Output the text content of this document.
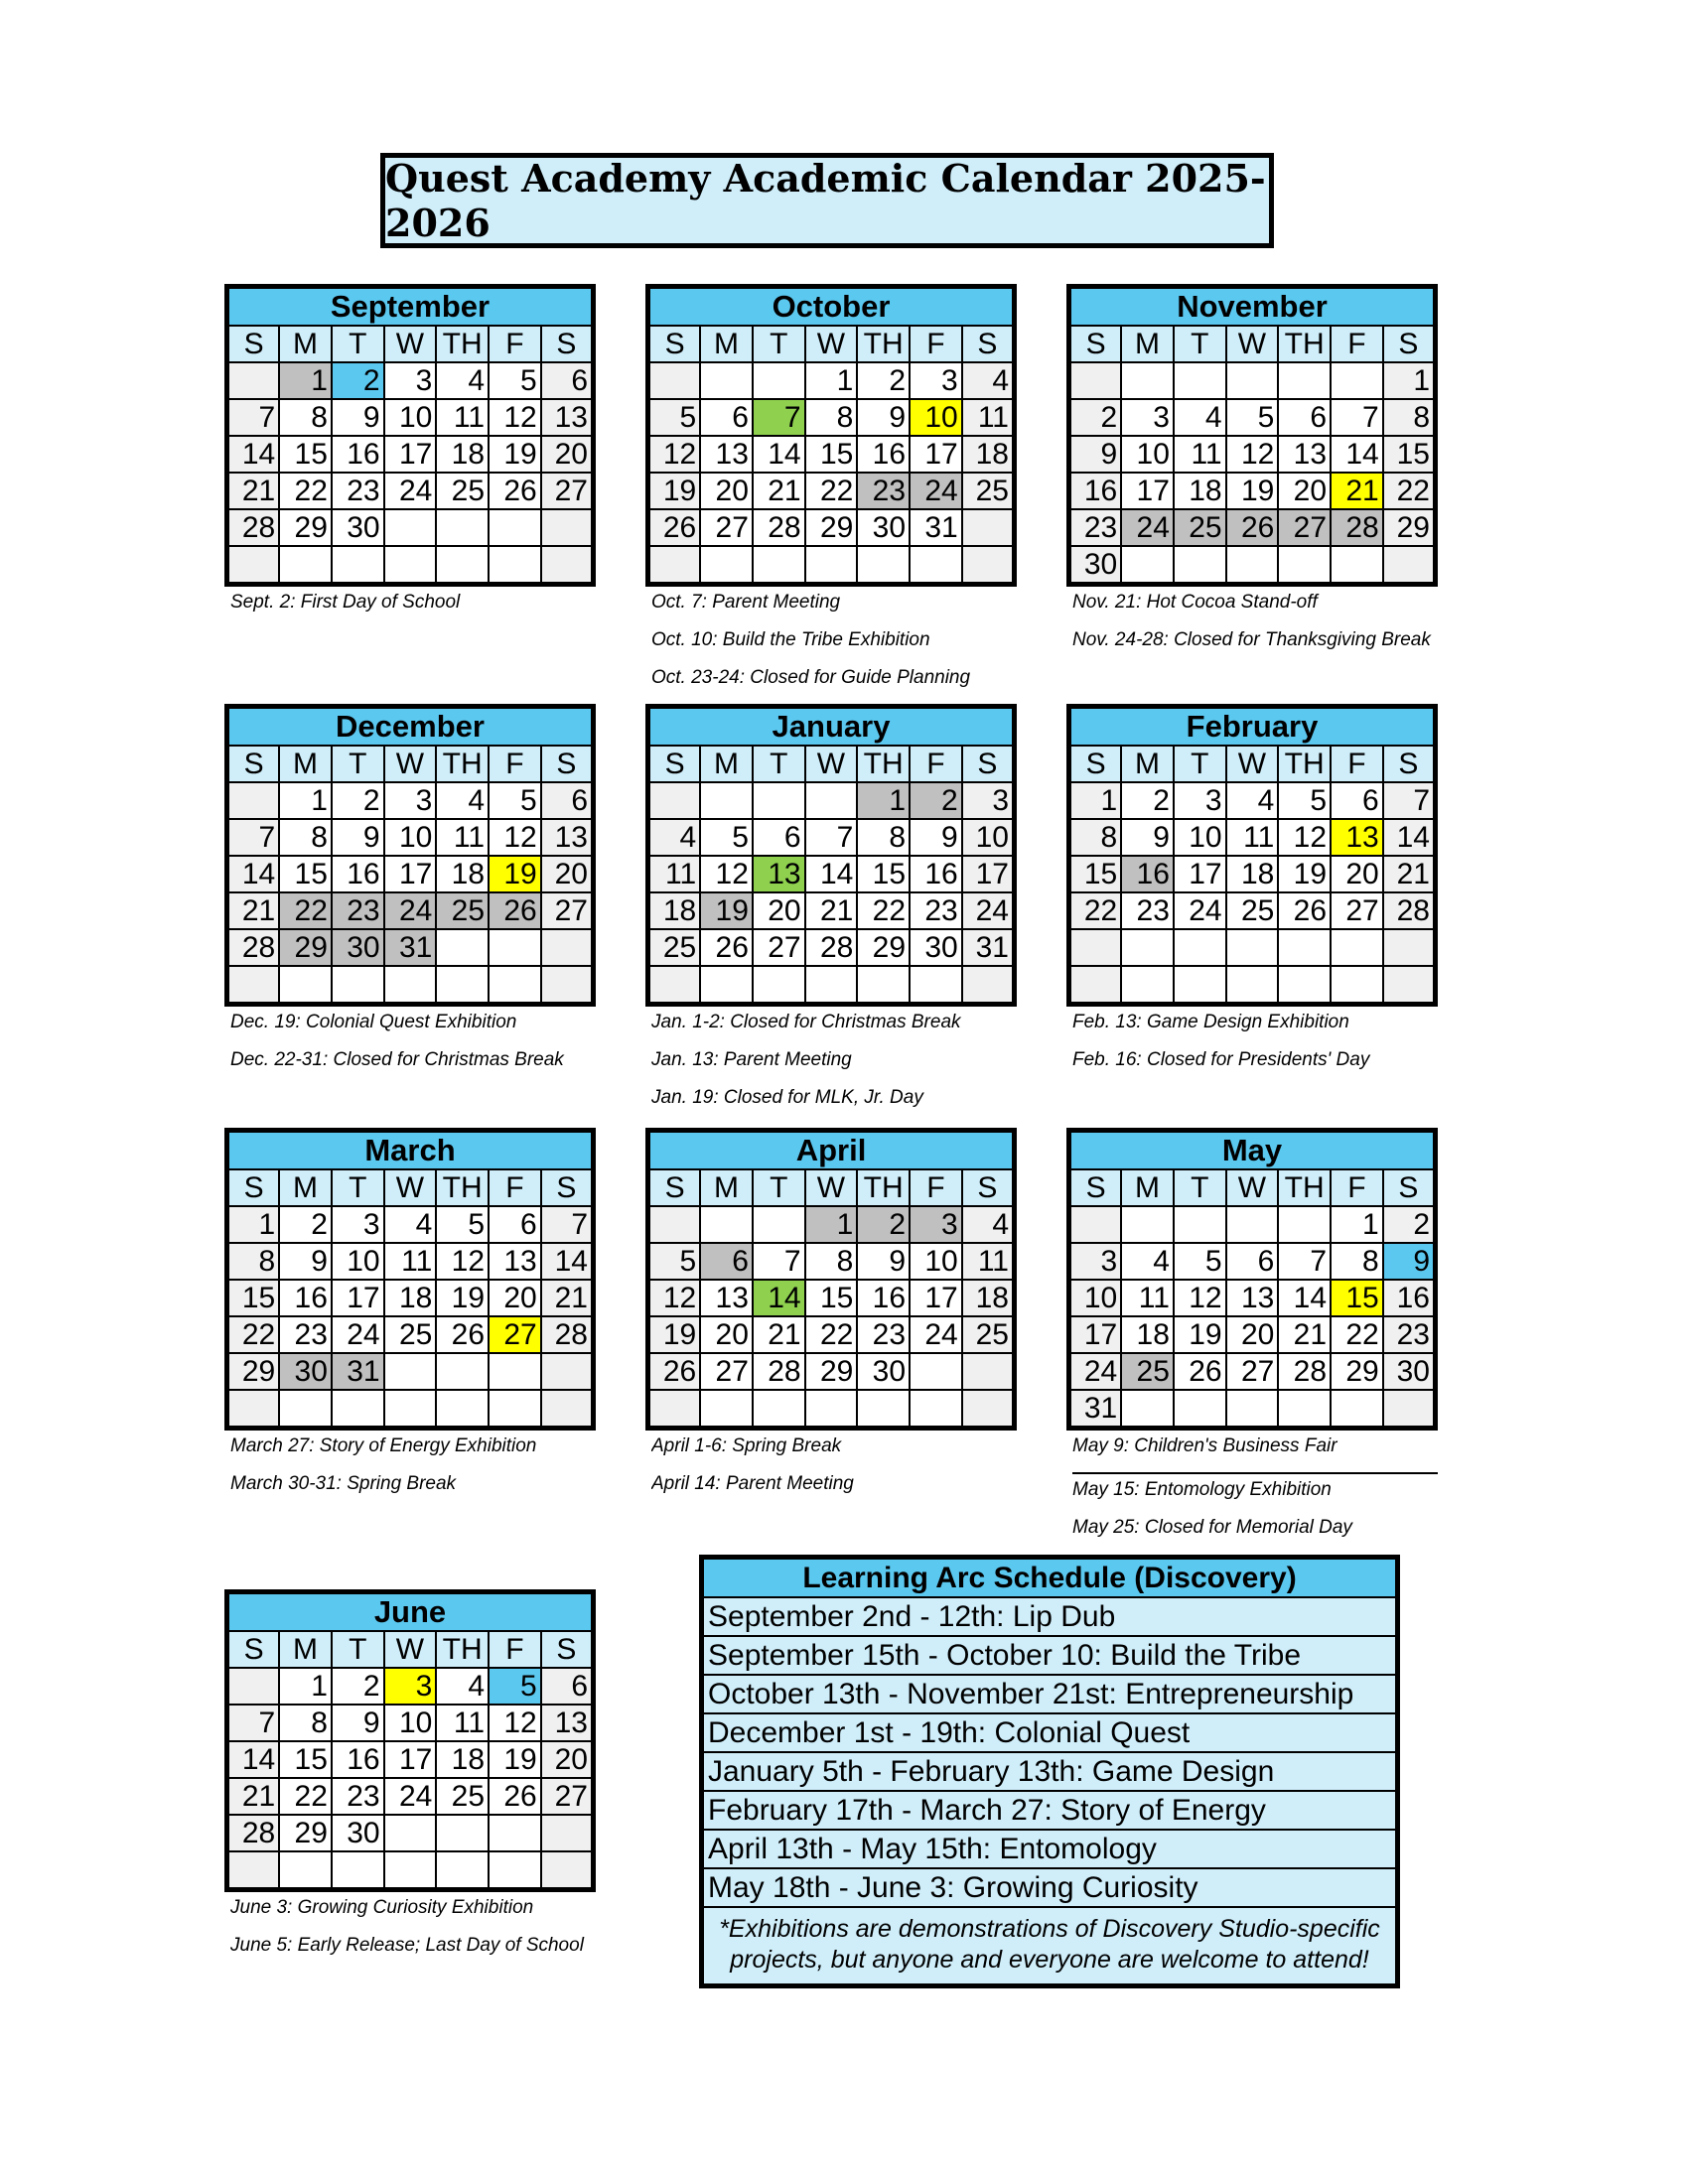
Quest Academy Academic Calendar 2025-2026
September						
S	M	T	W	TH	F	S
	1	2	3	4	5	6
7	8	9	10	11	12	13
14	15	16	17	18	19	20
21	22	23	24	25	26	27
28	29	30				

Sept. 2: First Day of School
October						
S	M	T	W	TH	F	S
			1	2	3	4
5	6	7	8	9	10	11
12	13	14	15	16	17	18
19	20	21	22	23	24	25
26	27	28	29	30	31	

Oct. 7: Parent Meeting
Oct. 10: Build the Tribe Exhibition
Oct. 23-24: Closed for Guide Planning
November						
S	M	T	W	TH	F	S
						1
2	3	4	5	6	7	8
9	10	11	12	13	14	15
16	17	18	19	20	21	22
23	24	25	26	27	28	29
30						
Nov. 21: Hot Cocoa Stand-off
Nov. 24-28: Closed for Thanksgiving Break
December						
S	M	T	W	TH	F	S
	1	2	3	4	5	6
7	8	9	10	11	12	13
14	15	16	17	18	19	20
21	22	23	24	25	26	27
28	29	30	31			

Dec. 19: Colonial Quest Exhibition
Dec. 22-31: Closed for Christmas Break
January						
S	M	T	W	TH	F	S
				1	2	3
4	5	6	7	8	9	10
11	12	13	14	15	16	17
18	19	20	21	22	23	24
25	26	27	28	29	30	31

Jan. 1-2: Closed for Christmas Break
Jan. 13: Parent Meeting
Jan. 19: Closed for MLK, Jr. Day
February						
S	M	T	W	TH	F	S
1	2	3	4	5	6	7
8	9	10	11	12	13	14
15	16	17	18	19	20	21
22	23	24	25	26	27	28

Feb. 13: Game Design Exhibition
Feb. 16: Closed for Presidents' Day
March						
S	M	T	W	TH	F	S
1	2	3	4	5	6	7
8	9	10	11	12	13	14
15	16	17	18	19	20	21
22	23	24	25	26	27	28
29	30	31				

March 27: Story of Energy Exhibition
March 30-31: Spring Break
April						
S	M	T	W	TH	F	S
			1	2	3	4
5	6	7	8	9	10	11
12	13	14	15	16	17	18
19	20	21	22	23	24	25
26	27	28	29	30		

April 1-6: Spring Break
April 14: Parent Meeting
May						
S	M	T	W	TH	F	S
					1	2
3	4	5	6	7	8	9
10	11	12	13	14	15	16
17	18	19	20	21	22	23
24	25	26	27	28	29	30
31						
May 9: Children's Business Fair
May 15: Entomology Exhibition
May 25: Closed for Memorial Day
June						
S	M	T	W	TH	F	S
	1	2	3	4	5	6
7	8	9	10	11	12	13
14	15	16	17	18	19	20
21	22	23	24	25	26	27
28	29	30				

June 3: Growing Curiosity Exhibition
June 5: Early Release; Last Day of School
Learning Arc Schedule (Discovery)
September 2nd - 12th: Lip Dub
September 15th - October 10: Build the Tribe
October 13th - November 21st: Entrepreneurship
December 1st - 19th: Colonial Quest
January 5th - February 13th: Game Design
February 17th - March 27: Story of Energy
April 13th - May 15th: Entomology
May 18th - June 3: Growing Curiosity
*Exhibitions are demonstrations of Discovery Studio-specific projects, but anyone and everyone are welcome to attend!
